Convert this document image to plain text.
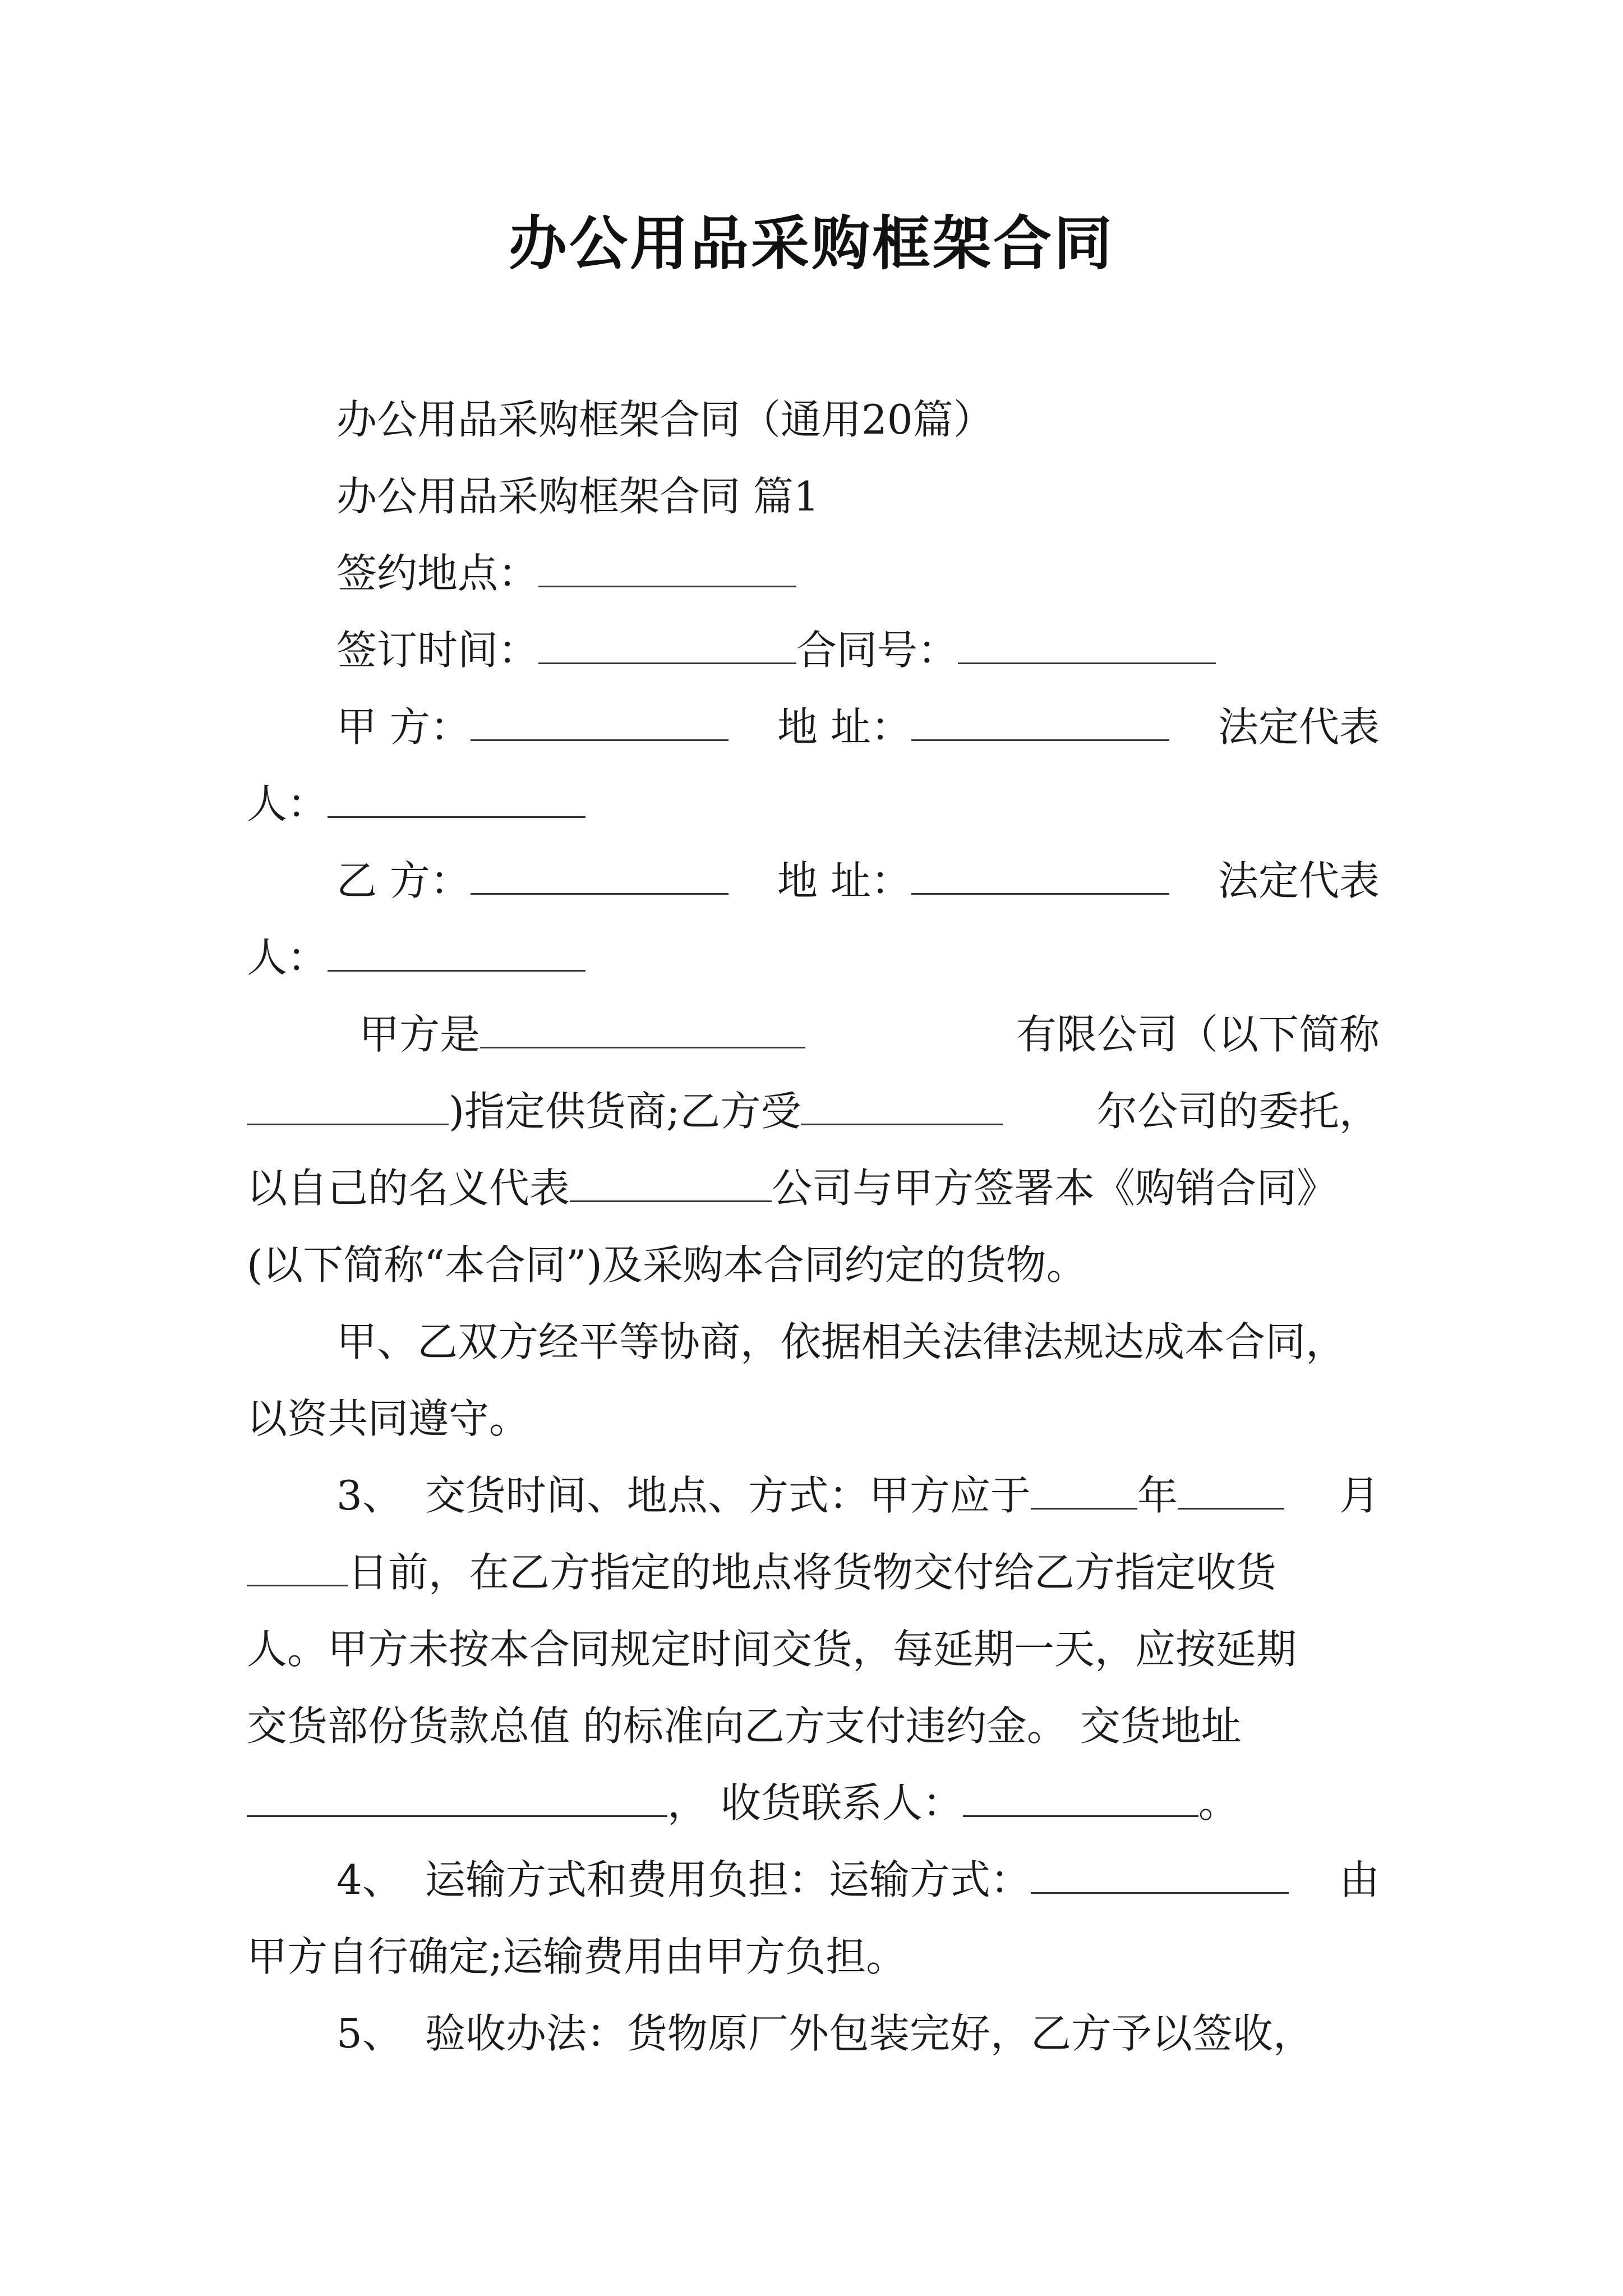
办公用品采购框架合同
办公用品采购框架合同（通用20篇）
办公用品采购框架合同 篇1
签约地点：
签订时间：	合同号：
甲 方：	地 址：	法定代表
人：
乙 方：	地 址：	法定代表
人：
甲方是	有限公司（以下简称
)指定供货商;乙方受	尔公司的委托，
以自己的名义代表	公司与甲方签署本《购销合同》
(以下简称“本合同”)及采购本合同约定的货物。
甲、乙双方经平等协商，依据相关法律法规达成本合同，
以资共同遵守。
3、 交货时间、地点、方式：甲方应于	年	月
日前，在乙方指定的地点将货物交付给乙方指定收货
人。甲方未按本合同规定时间交货，每延期一天，应按延期
交货部份货款总值 的标准向乙方支付违约金。 交货地址
， 收货联系人：	。
4、 运输方式和费用负担：运输方式：	由
甲方自行确定;运输费用由甲方负担。
5、 验收办法：货物原厂外包装完好，乙方予以签收，
